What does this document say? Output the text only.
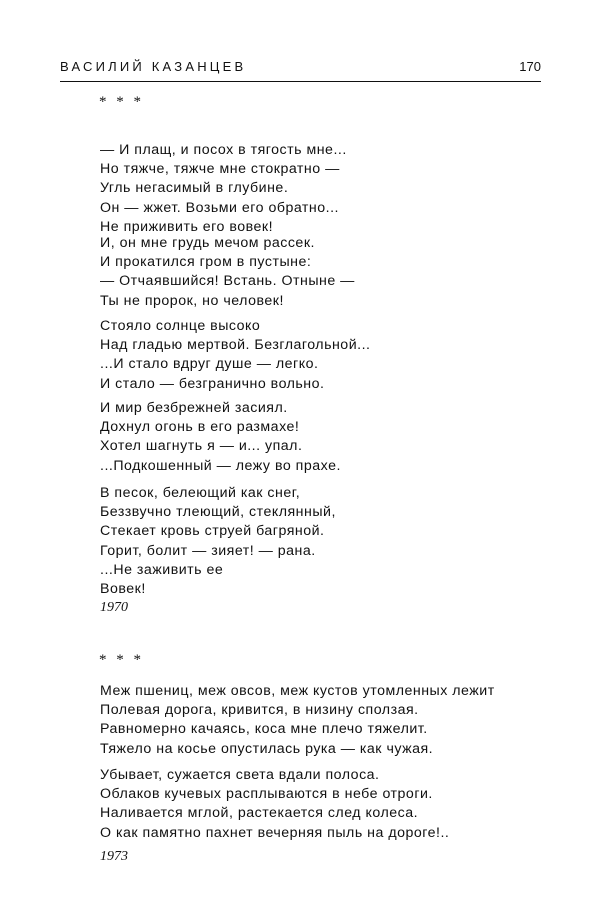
ВАСИЛИЙ КАЗАНЦЕВ	170
* * *
— И плащ, и посох в тягость мне...
Но тяжче, тяжче мне стократно —
Угль негасимый в глубине.
Он — жжет. Возьми его обратно...
Не приживить его вовек!
И, он мне грудь мечом рассек.
И прокатился гром в пустыне:
— Отчаявшийся! Встань. Отныне —
Ты не пророк, но человек!
Стояло солнце высоко
Над гладью мертвой. Безглагольной...
...И стало вдруг душе — легко.
И стало — безгранично вольно.
И мир безбрежней засиял.
Дохнул огонь в его размахе!
Хотел шагнуть я — и... упал.
...Подкошенный — лежу во прахе.
В песок, белеющий как снег,
Беззвучно тлеющий, стеклянный,
Стекает кровь струей багряной.
Горит, болит — зияет! — рана.
...Не заживить ее
Вовек!
1970
* * *
Меж пшениц, меж овсов, меж кустов утомленных лежит
Полевая дорога, кривится, в низину сползая.
Равномерно качаясь, коса мне плечо тяжелит.
Тяжело на косье опустилась рука — как чужая.
Убывает, сужается света вдали полоса.
Облаков кучевых расплываются в небе отроги.
Наливается мглой, растекается след колеса.
О как памятно пахнет вечерняя пыль на дороге!..
1973
